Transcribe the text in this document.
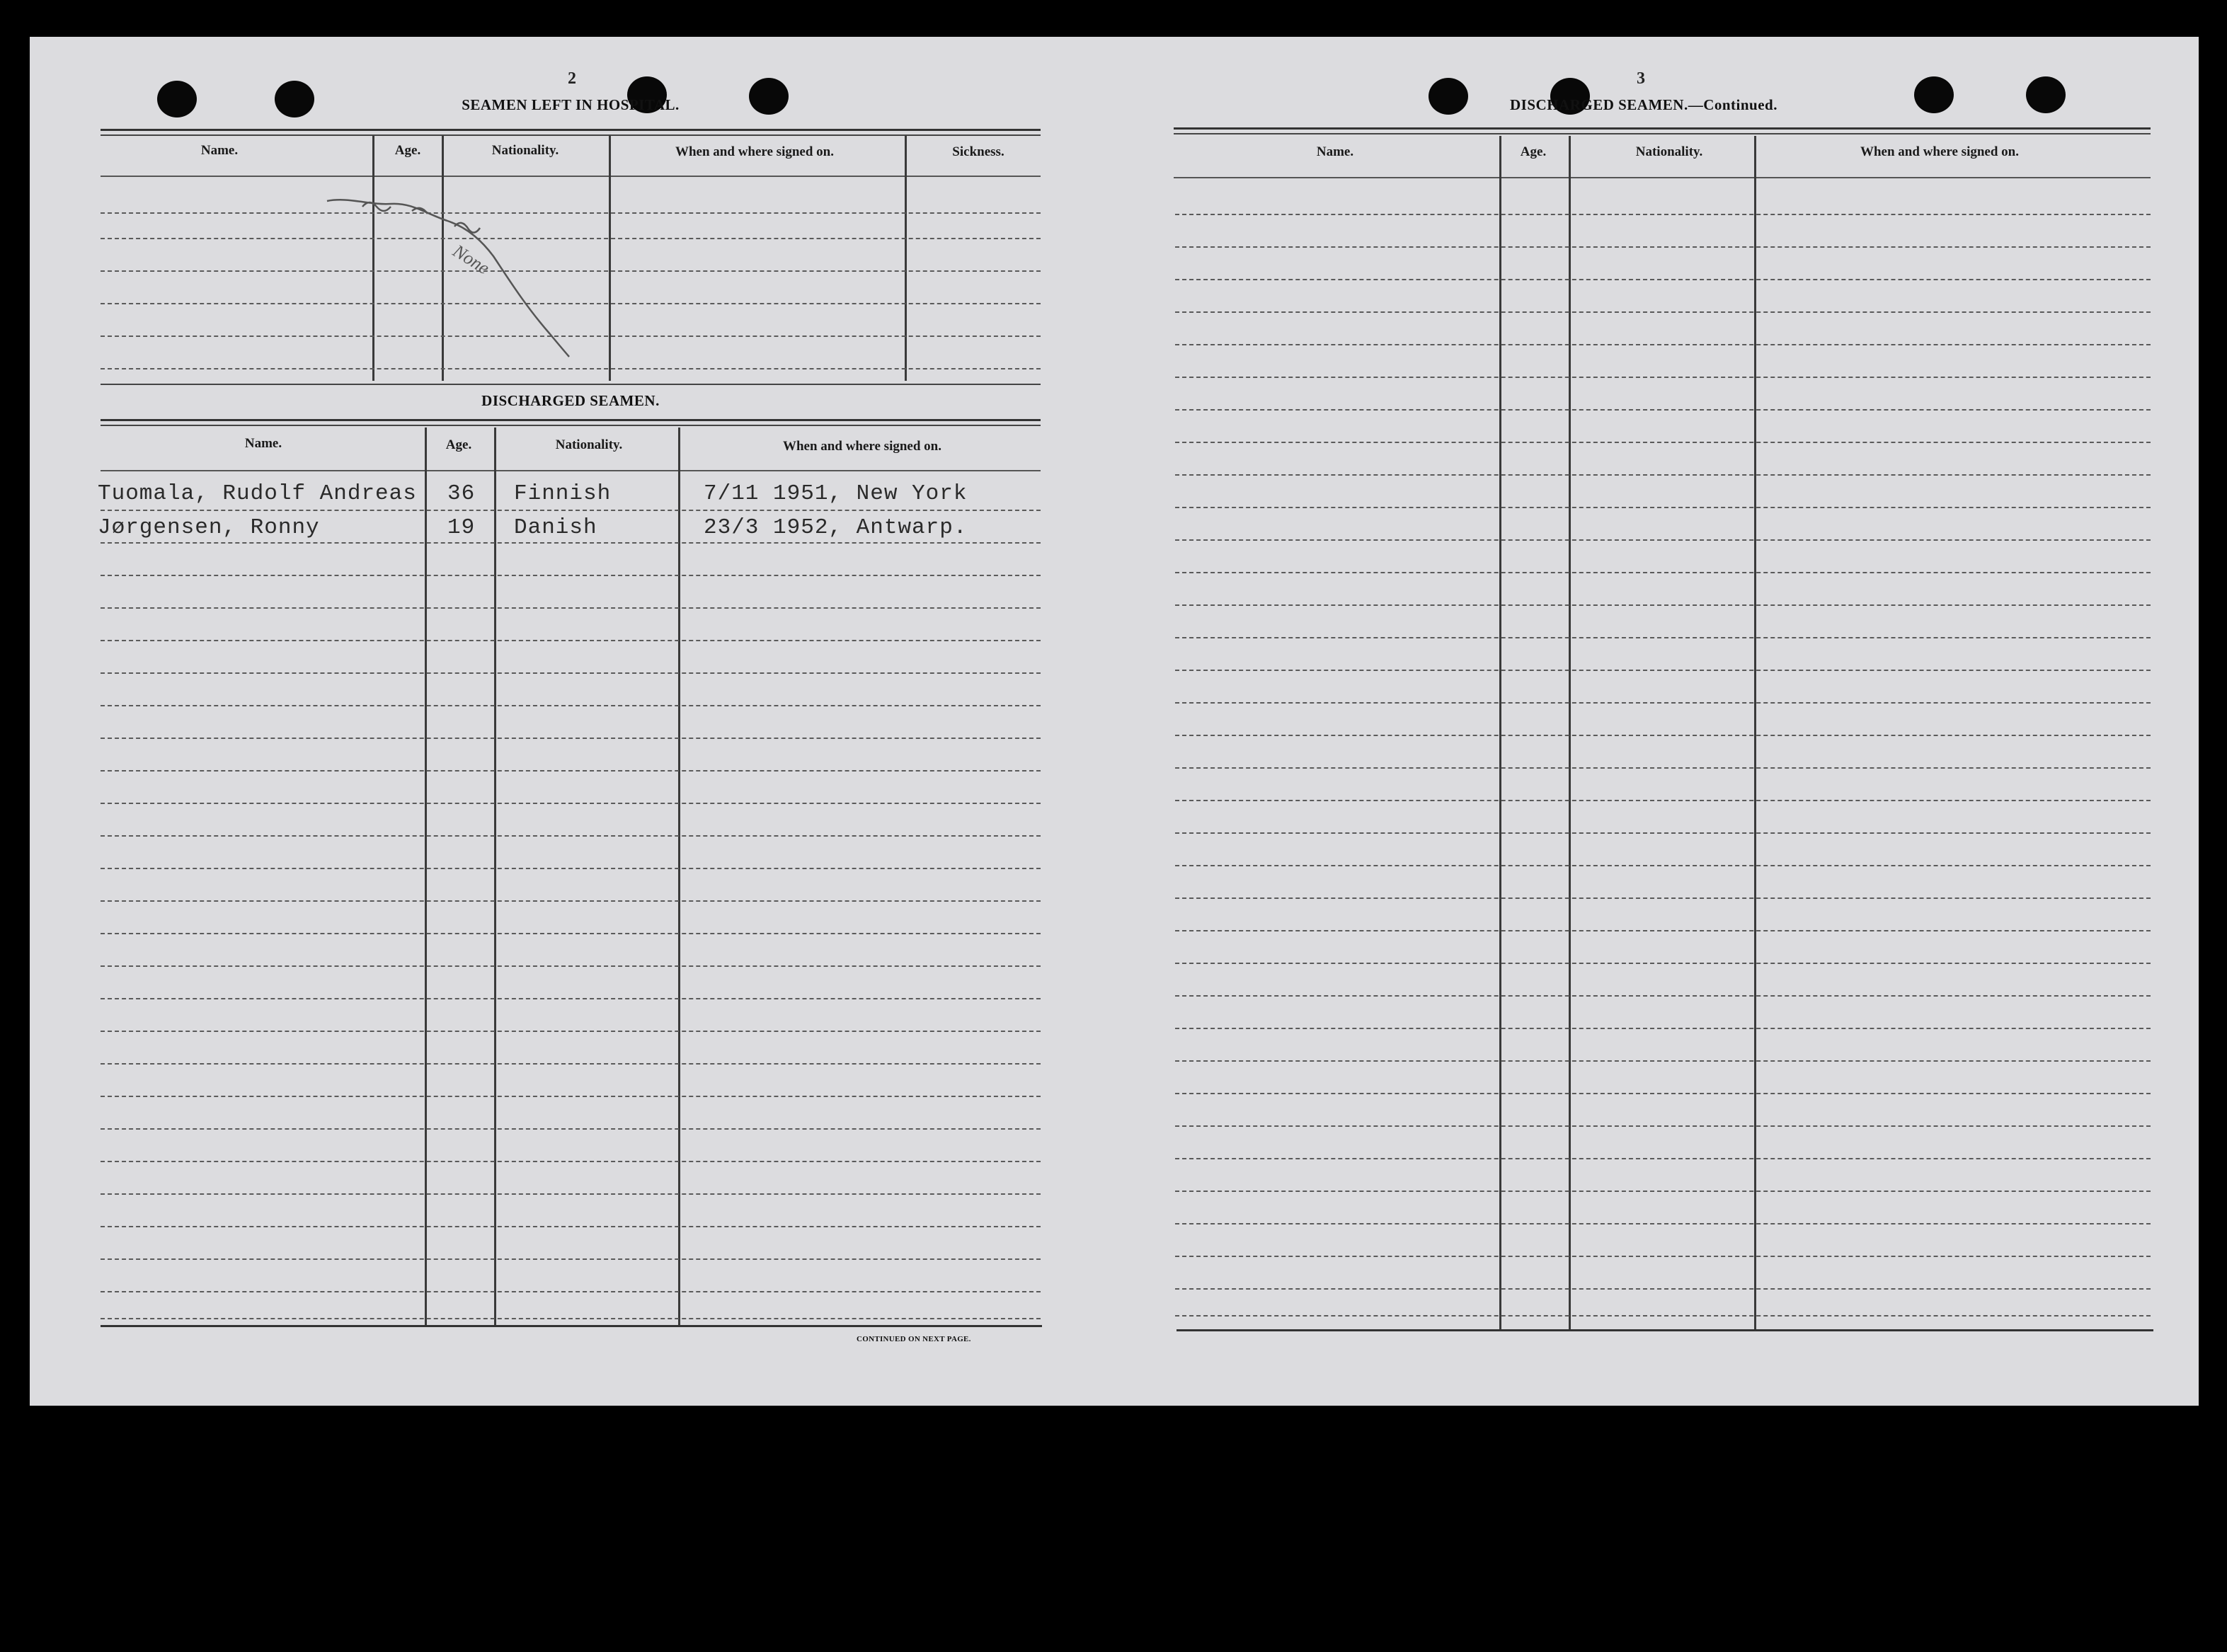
2
SEAMEN LEFT IN HOSPITAL.
Name.	Age.	Nationality.	When and where signed on.	Sickness.
None
DISCHARGED SEAMEN.
Name.	Age.	Nationality.	When and where signed on.
Tuomala, Rudolf Andreas 36 Finnish	7/11 1951, New York
Jørgensen, Ronny	19 Danish	23/3 1952, Antwarp.
CONTINUED ON NEXT PAGE.
3
DISCHARGED SEAMEN.—Continued.
Name.	Age.	Nationality.	When and where signed on.
